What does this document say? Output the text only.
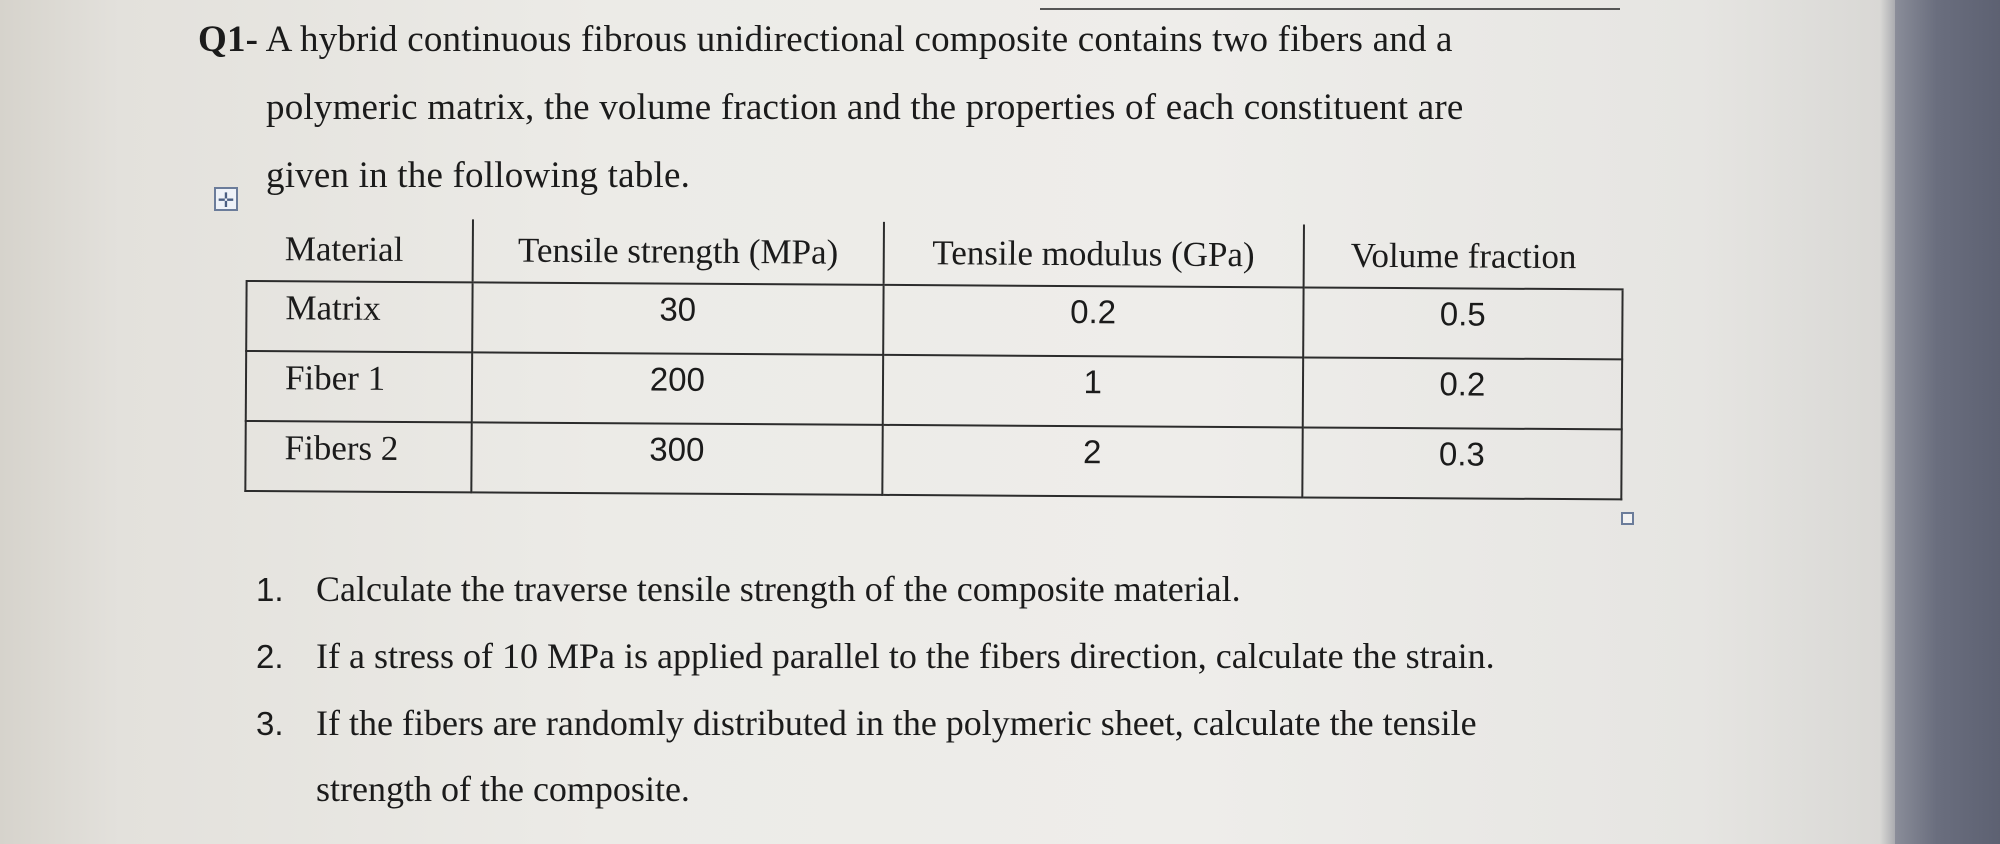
Q1- A hybrid continuous fibrous unidirectional composite contains two fibers and a
polymeric matrix, the volume fraction and the properties of each constituent are
given in the following table.
✛
Material	Tensile strength (MPa)	Tensile modulus (GPa)	Volume fraction
Matrix	30	0.2	0.5
Fiber 1	200	1	0.2
Fibers 2	300	2	0.3
1. Calculate the traverse tensile strength of the composite material.
2. If a stress of 10 MPa is applied parallel to the fibers direction, calculate the strain.
3. If the fibers are randomly distributed in the polymeric sheet, calculate the tensile
strength of the composite.
